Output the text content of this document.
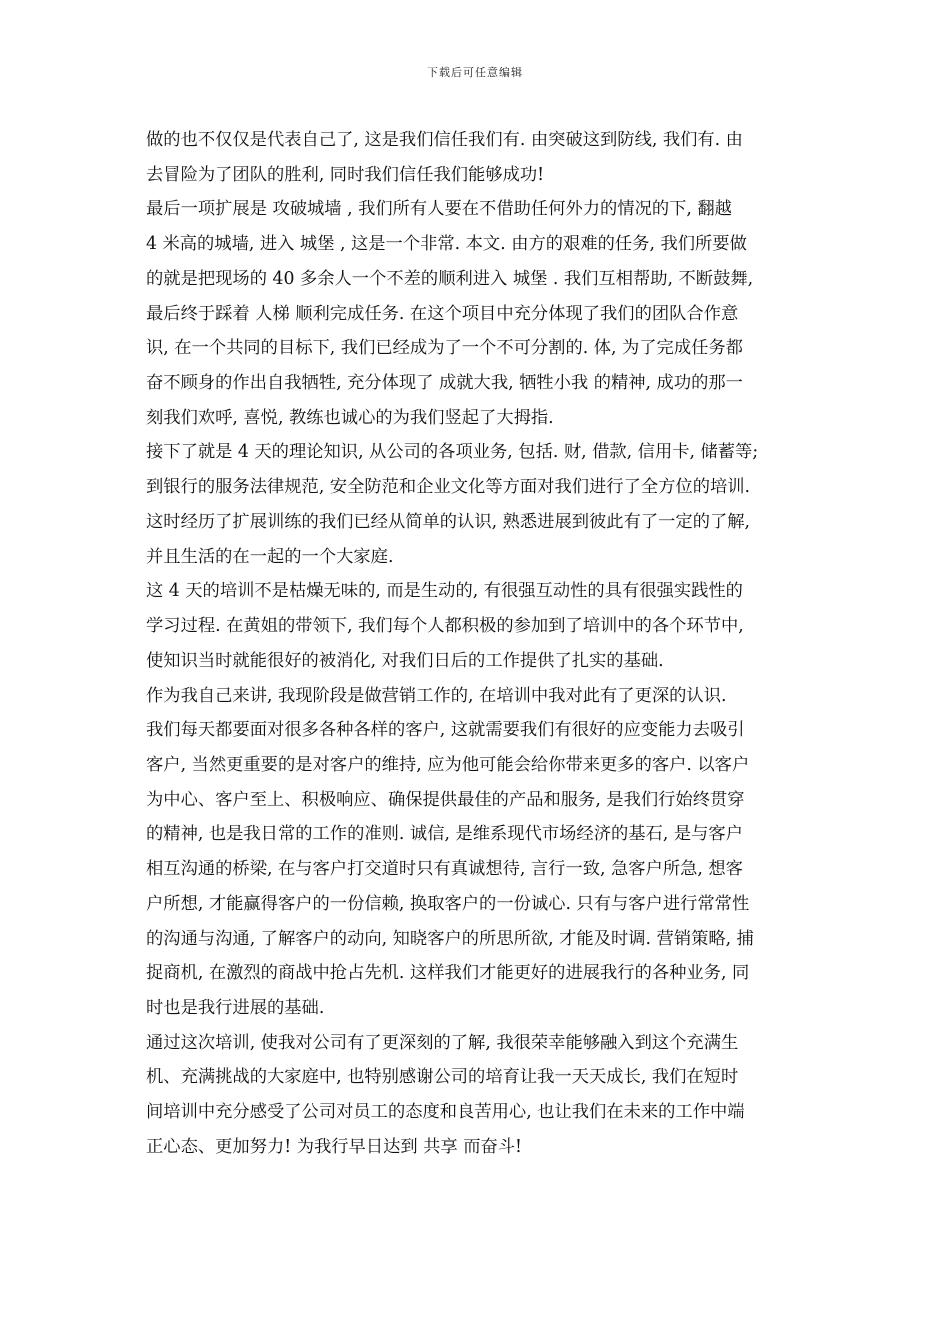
下载后可任意编辑
做的也不仅仅是代表自己了, 这是我们信任我们有. 由突破这到防线, 我们有. 由
去冒险为了团队的胜利, 同时我们信任我们能够成功!
最后一项扩展是 攻破城墙 , 我们所有人要在不借助任何外力的情况的下, 翻越
4 米高的城墙, 进入 城堡 , 这是一个非常. 本文. 由方的艰难的任务, 我们所要做
的就是把现场的 40 多余人一个不差的顺利进入 城堡 . 我们互相帮助, 不断鼓舞,
最后终于踩着 人梯 顺利完成任务. 在这个项目中充分体现了我们的团队合作意
识, 在一个共同的目标下, 我们已经成为了一个不可分割的. 体, 为了完成任务都
奋不顾身的作出自我牺牲, 充分体现了 成就大我, 牺牲小我 的精神, 成功的那一
刻我们欢呼, 喜悦, 教练也诚心的为我们竖起了大拇指.
接下了就是 4 天的理论知识, 从公司的各项业务, 包括. 财, 借款, 信用卡, 储蓄等;
到银行的服务法律规范, 安全防范和企业文化等方面对我们进行了全方位的培训.
这时经历了扩展训练的我们已经从简单的认识, 熟悉进展到彼此有了一定的了解,
并且生活的在一起的一个大家庭.
这 4 天的培训不是枯燥无味的, 而是生动的, 有很强互动性的具有很强实践性的
学习过程. 在黄姐的带领下, 我们每个人都积极的参加到了培训中的各个环节中,
使知识当时就能很好的被消化, 对我们日后的工作提供了扎实的基础.
作为我自己来讲, 我现阶段是做营销工作的, 在培训中我对此有了更深的认识.
我们每天都要面对很多各种各样的客户, 这就需要我们有很好的应变能力去吸引
客户, 当然更重要的是对客户的维持, 应为他可能会给你带来更多的客户. 以客户
为中心、客户至上、积极响应、确保提供最佳的产品和服务, 是我们行始终贯穿
的精神, 也是我日常的工作的准则. 诚信, 是维系现代市场经济的基石, 是与客户
相互沟通的桥梁, 在与客户打交道时只有真诚想待, 言行一致, 急客户所急, 想客
户所想, 才能赢得客户的一份信赖, 换取客户的一份诚心. 只有与客户进行常常性
的沟通与沟通, 了解客户的动向, 知晓客户的所思所欲, 才能及时调. 营销策略, 捕
捉商机, 在激烈的商战中抢占先机. 这样我们才能更好的进展我行的各种业务, 同
时也是我行进展的基础.
通过这次培训, 使我对公司有了更深刻的了解, 我很荣幸能够融入到这个充满生
机、充满挑战的大家庭中, 也特别感谢公司的培育让我一天天成长, 我们在短时
间培训中充分感受了公司对员工的态度和良苦用心, 也让我们在未来的工作中端
正心态、更加努力! 为我行早日达到 共享 而奋斗!
